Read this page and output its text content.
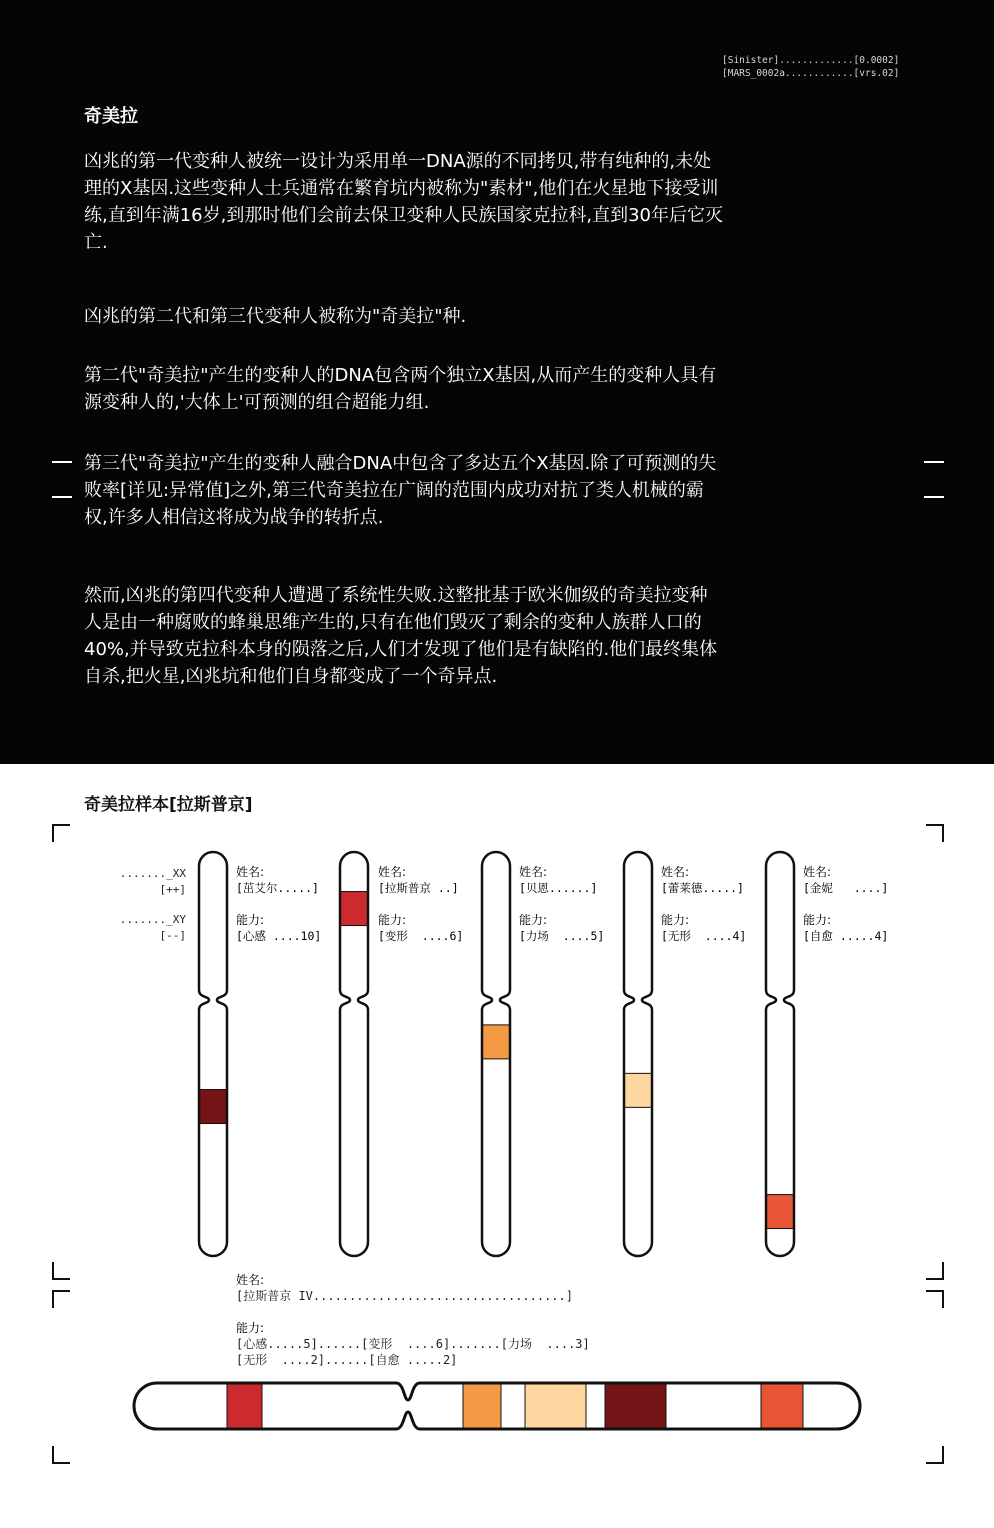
[Sinister].............[0.0002]
[MARS_0002a............[vrs.02]
奇美拉

凶兆的第一代变种人被统一设计为采用单一DNA源的不同拷贝,带有纯种的,未处理的X基因.这些变种人士兵通常在繁育坑内被称为"素材",他们在火星地下接受训练,直到年满16岁,到那时他们会前去保卫变种人民族国家克拉科,直到30年后它灭亡.

凶兆的第二代和第三代变种人被称为"奇美拉"种.

第二代"奇美拉"产生的变种人的DNA包含两个独立X基因,从而产生的变种人具有源变种人的,'大体上'可预测的组合超能力组.

第三代"奇美拉"产生的变种人融合DNA中包含了多达五个X基因.除了可预测的失败率[详见:异常值]之外,第三代奇美拉在广阔的范围内成功对抗了类人机械的霸权,许多人相信这将成为战争的转折点.

然而,凶兆的第四代变种人遭遇了系统性失败.这整批基于欧米伽级的奇美拉变种人是由一种腐败的蜂巢思维产生的,只有在他们毁灭了剩余的变种人族群人口的40%,并导致克拉科本身的陨落之后,人们才发现了他们是有缺陷的.他们最终集体自杀,把火星,凶兆坑和他们自身都变成了一个奇异点.

奇美拉样本[拉斯普京]
......._XX
[++]
......._XY
[--]
姓名:
[茁艾尔.....]

能力:
[心感 ....10]
姓名:
[拉斯普京 ..]

能力:
[变形  ....6]
姓名:
[贝恩......]

能力:
[力场  ....5]
姓名:
[蕾莱德.....]

能力:
[无形  ....4]
姓名:
[金妮   ....]

能力:
[自愈 .....4]
姓名:
[拉斯普京 IV...................................]

能力:
[心感.....5]......[变形  ....6].......[力场  ....3]
[无形  ....2]......[自愈 .....2]
